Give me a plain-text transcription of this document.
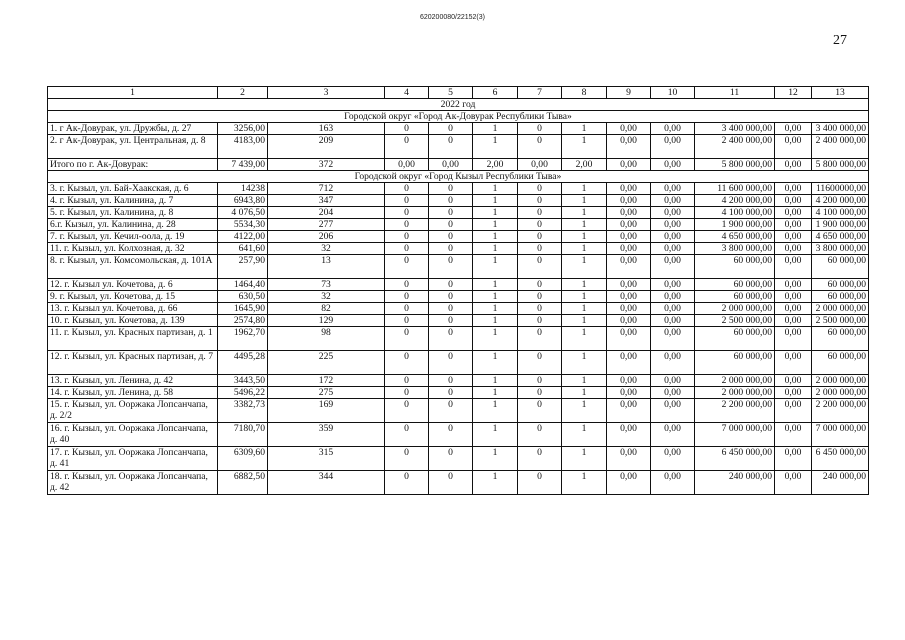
620200080/22152(3)
27
1	2	3	4	5	6	7	8	9	10	11	12	13
2022 год												
Городской округ «Город Ак-Довурак Республики Тыва»												
1. г Ак-Довурак, ул. Дружбы, д. 27	3256,00	163	0	0	1	0	1	0,00	0,00	3 400 000,00	0,00	3 400 000,00
2. г Ак-Довурак, ул. Центральная, д. 8	4183,00	209	0	0	1	0	1	0,00	0,00	2 400 000,00	0,00	2 400 000,00
Итого по г. Ак-Довурак:	7 439,00	372	0,00	0,00	2,00	0,00	2,00	0,00	0,00	5 800 000,00	0,00	5 800 000,00
Городской округ «Город Кызыл Республики Тыва»												
3. г. Кызыл, ул. Бай-Хаакская, д. 6	14238	712	0	0	1	0	1	0,00	0,00	11 600 000,00	0,00	11600000,00
4. г. Кызыл, ул. Калинина, д. 7	6943,80	347	0	0	1	0	1	0,00	0,00	4 200 000,00	0,00	4 200 000,00
5. г. Кызыл, ул. Калинина, д. 8	4 076,50	204	0	0	1	0	1	0,00	0,00	4 100 000,00	0,00	4 100 000,00
6.г. Кызыл, ул. Калинина, д. 28	5534,30	277	0	0	1	0	1	0,00	0,00	1 900 000,00	0,00	1 900 000,00
7. г. Кызыл, ул. Кечил-оола, д. 19	4122,00	206	0	0	1	0	1	0,00	0,00	4 650 000,00	0,00	4 650 000,00
11. г. Кызыл, ул. Колхозная, д. 32	641,60	32	0	0	1	0	1	0,00	0,00	3 800 000,00	0,00	3 800 000,00
8. г. Кызыл, ул. Комсомольская, д. 101А	257,90	13	0	0	1	0	1	0,00	0,00	60 000,00	0,00	60 000,00
12. г. Кызыл ул. Кочетова, д. 6	1464,40	73	0	0	1	0	1	0,00	0,00	60 000,00	0,00	60 000,00
9. г. Кызыл, ул. Кочетова, д. 15	630,50	32	0	0	1	0	1	0,00	0,00	60 000,00	0,00	60 000,00
13. г. Кызыл ул. Кочетова, д. 66	1645,90	82	0	0	1	0	1	0,00	0,00	2 000 000,00	0,00	2 000 000,00
10. г. Кызыл, ул. Кочетова, д. 139	2574,80	129	0	0	1	0	1	0,00	0,00	2 500 000,00	0,00	2 500 000,00
11. г. Кызыл, ул. Красных партизан, д. 1	1962,70	98	0	0	1	0	1	0,00	0,00	60 000,00	0,00	60 000,00
12. г. Кызыл, ул. Красных партизан, д. 7	4495,28	225	0	0	1	0	1	0,00	0,00	60 000,00	0,00	60 000,00
13. г. Кызыл, ул. Ленина, д. 42	3443,50	172	0	0	1	0	1	0,00	0,00	2 000 000,00	0,00	2 000 000,00
14. г. Кызыл, ул. Ленина, д. 58	5496,22	275	0	0	1	0	1	0,00	0,00	2 000 000,00	0,00	2 000 000,00
15. г. Кызыл, ул. Ооржака Лопсанчапа, д. 2/2	3382,73	169	0	0	1	0	1	0,00	0,00	2 200 000,00	0,00	2 200 000,00
16. г. Кызыл, ул. Ооржака Лопсанчапа, д. 40	7180,70	359	0	0	1	0	1	0,00	0,00	7 000 000,00	0,00	7 000 000,00
17. г. Кызыл, ул. Ооржака Лопсанчапа, д. 41	6309,60	315	0	0	1	0	1	0,00	0,00	6 450 000,00	0,00	6 450 000,00
18. г. Кызыл, ул. Ооржака Лопсанчапа, д. 42	6882,50	344	0	0	1	0	1	0,00	0,00	240 000,00	0,00	240 000,00
